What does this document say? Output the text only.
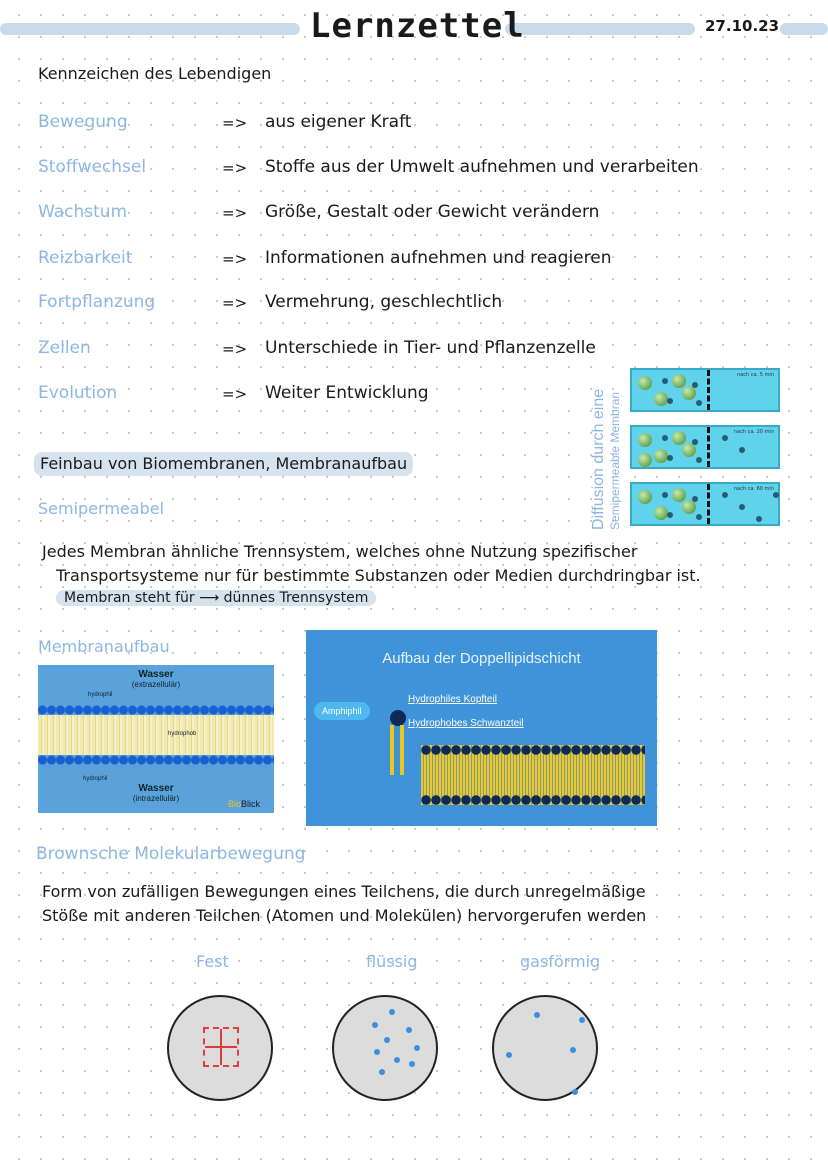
Lernzettel	27.10.23
Kennzeichen des Lebendigen
Bewegung	=> aus eigener Kraft
Stoffwechsel	=> Stoffe aus der Umwelt aufnehmen und verarbeiten
Wachstum	=> Größe, Gestalt oder Gewicht verändern
Reizbarkeit	=> Informationen aufnehmen und reagieren
Fortpflanzung	=> Vermehrung, geschlechtlich
Zellen	=> Unterschiede in Tier- und Pflanzenzelle
Evolution	=> Weiter Entwicklung	Diffusion durch eine Semipermeable Membran
nach ca. 5 min
nach ca. 20 min
nach ca. 60 min
Feinbau von Biomembranen, Membranaufbau
Semipermeabel
Jedes Membran ähnliche Trennsystem, welches ohne Nutzung spezifischer
Transportsysteme nur für bestimmte Substanzen oder Medien durchdringbar ist.
Membran steht für ⟶ dünnes Trennsystem
Membranaufbau
Wasser
(extrazellulär)
hydrophil
hydrophob
hydrophil
Wasser
(intrazellulär)
BioBlick
Aufbau der Doppellipidschicht
Amphiphil
Hydrophiles Kopfteil
Hydrophobes Schwanzteil
Brownsche Molekularbewegung
Form von zufälligen Bewegungen eines Teilchens, die durch unregelmäßige
Stöße mit anderen Teilchen (Atomen und Molekülen) hervorgerufen werden
Fest	flüssig	gasförmig
